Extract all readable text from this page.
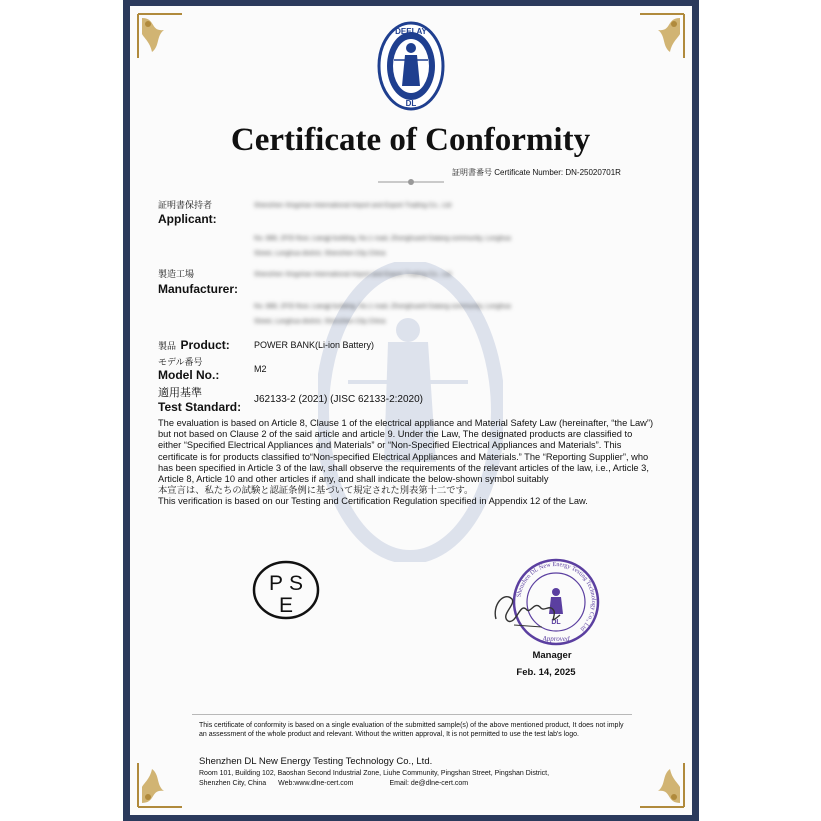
DEELAY
DL
Certificate of Conformity
証明書番号 Certificate Number: DN-25020701R
証明書保持者
Applicant:
Shenzhen Xingshan International Import and Export Trading Co., Ltd
No. 888, 2F/D floor, Liangji building, No.1 road, Zhonghuanli Dalang community, Longhua
Street, Longhua district, Shenzhen City China
製造工場
Manufacturer:
Shenzhen Xingshan International Import and Export Trading Co., Ltd
No. 888, 2F/D floor, Liangji building, No.1 road, Zhonghuanli Dalang community, Longhua
Street, Longhua district, Shenzhen City China
製品 Product:	POWER BANK(Li-ion Battery)
モデル番号
Model No.:	M2
適用基準
Test Standard:
J62133-2 (2021) (JISC 62133-2:2020)

The evaluation is based on Article 8, Clause 1 of the electrical appliance and Material Safety Law (hereinafter, “the Law”) but not based on Clause 2 of the said article and article 9. Under the Law, The designated products are classified to either “Specified Electrical Appliances and Materials” or “Non-Specified Electrical Appliances and Materials”. This certificate is for products classified to“Non-specified Electrical Appliances and Materials.” The “Reporting Supplier”, who has been specified in Article 3 of the law, shall observe the requirements of the relevant articles of the law, i.e., Article 3, Article 8, Article 10 and other articles if any, and shall indicate the below-shown symbol suitably

本宣言は、私たちの試験と認証条例に基づいて規定された別表第十二です。

This verification is based on our Testing and Certification Regulation specified in Appendix 12 of the Law.

P S
E	Shenzhen DL New Energy Testing Technology Co., Ltd
DL
Approved
Manager
Feb. 14, 2025
This certificate of conformity is based on a single evaluation of the submitted sample(s) of the above mentioned product, It does not imply an assessment of the whole product and relevant. Without the written approval, It is not permitted to use the test lab's logo.
Shenzhen DL New Energy Testing Technology Co., Ltd.
Room 101, Building 102, Baoshan Second Industrial Zone, Liuhe Community, Pingshan Street, Pingshan District,
Shenzhen City, China Web:www.dlne-cert.com	Email: de@dlne-cert.com
